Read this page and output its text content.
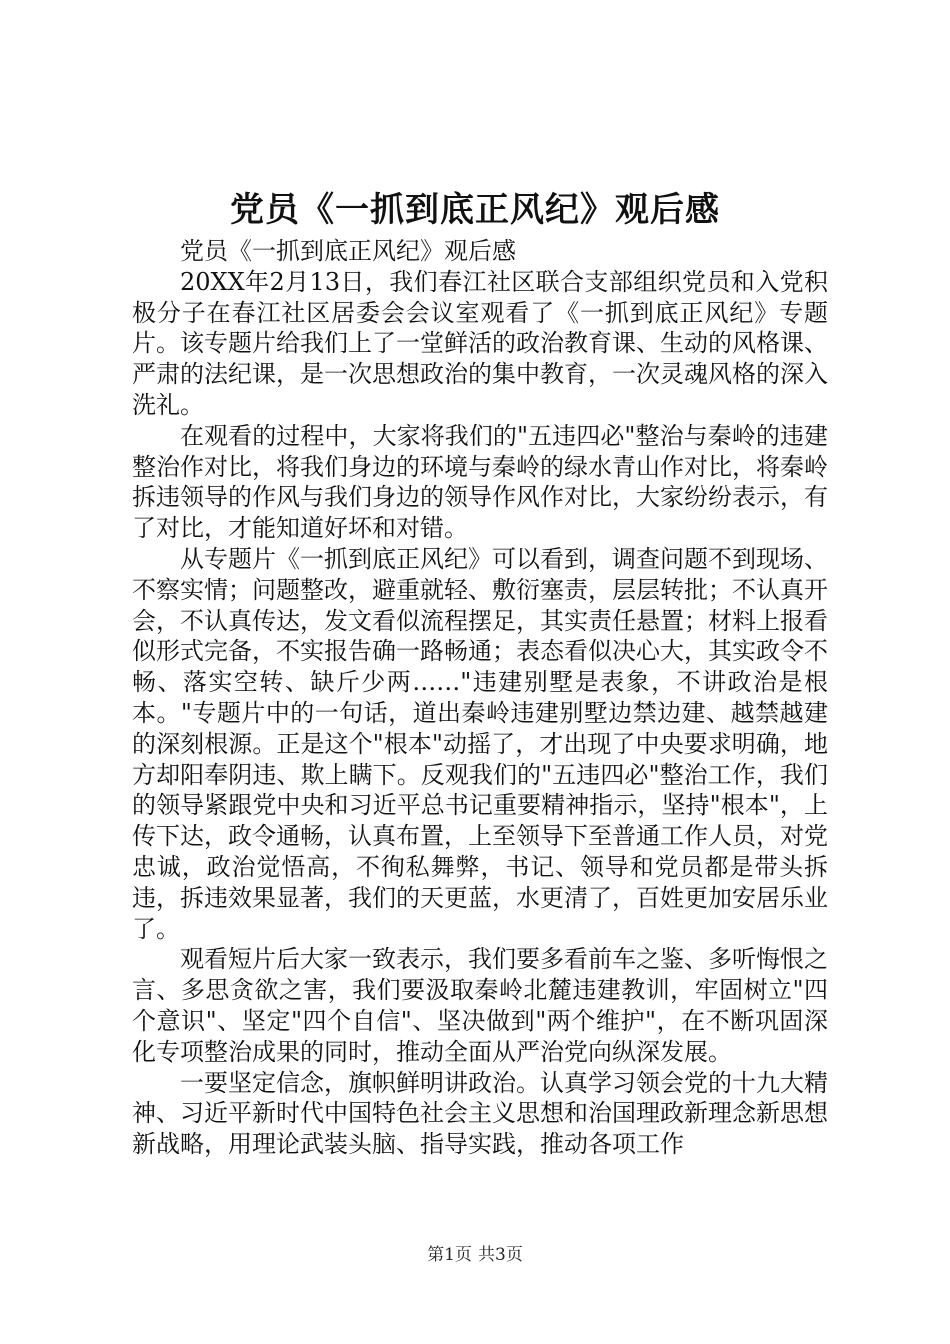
党员《一抓到底正风纪》观后感

党员《一抓到底正风纪》观后感

20XX年2月13日，我们春江社区联合支部组织党员和入党积极分子在春江社区居委会会议室观看了《一抓到底正风纪》专题片。该专题片给我们上了一堂鲜活的政治教育课、生动的风格课、严肃的法纪课，是一次思想政治的集中教育，一次灵魂风格的深入洗礼。

在观看的过程中，大家将我们的"五违四必"整治与秦岭的违建整治作对比，将我们身边的环境与秦岭的绿水青山作对比，将秦岭拆违领导的作风与我们身边的领导作风作对比，大家纷纷表示，有了对比，才能知道好坏和对错。

从专题片《一抓到底正风纪》可以看到，调查问题不到现场、不察实情；问题整改，避重就轻、敷衍塞责，层层转批；不认真开会，不认真传达，发文看似流程摆足，其实责任悬置；材料上报看似形式完备，不实报告确一路畅通；表态看似决心大，其实政令不畅、落实空转、缺斤少两……"违建别墅是表象，不讲政治是根本。"专题片中的一句话，道出秦岭违建别墅边禁边建、越禁越建的深刻根源。正是这个"根本"动摇了，才出现了中央要求明确，地方却阳奉阴违、欺上瞒下。反观我们的"五违四必"整治工作，我们的领导紧跟党中央和习近平总书记重要精神指示，坚持"根本"，上传下达，政令通畅，认真布置，上至领导下至普通工作人员，对党忠诚，政治觉悟高，不徇私舞弊，书记、领导和党员都是带头拆违，拆违效果显著，我们的天更蓝，水更清了，百姓更加安居乐业了。

观看短片后大家一致表示，我们要多看前车之鉴、多听悔恨之言、多思贪欲之害，我们要汲取秦岭北麓违建教训，牢固树立"四个意识"、坚定"四个自信"、坚决做到"两个维护"，在不断巩固深化专项整治成果的同时，推动全面从严治党向纵深发展。

一要坚定信念，旗帜鲜明讲政治。认真学习领会党的十九大精神、习近平新时代中国特色社会主义思想和治国理政新理念新思想新战略，用理论武装头脑、指导实践，推动各项工作

第1页 共3页
